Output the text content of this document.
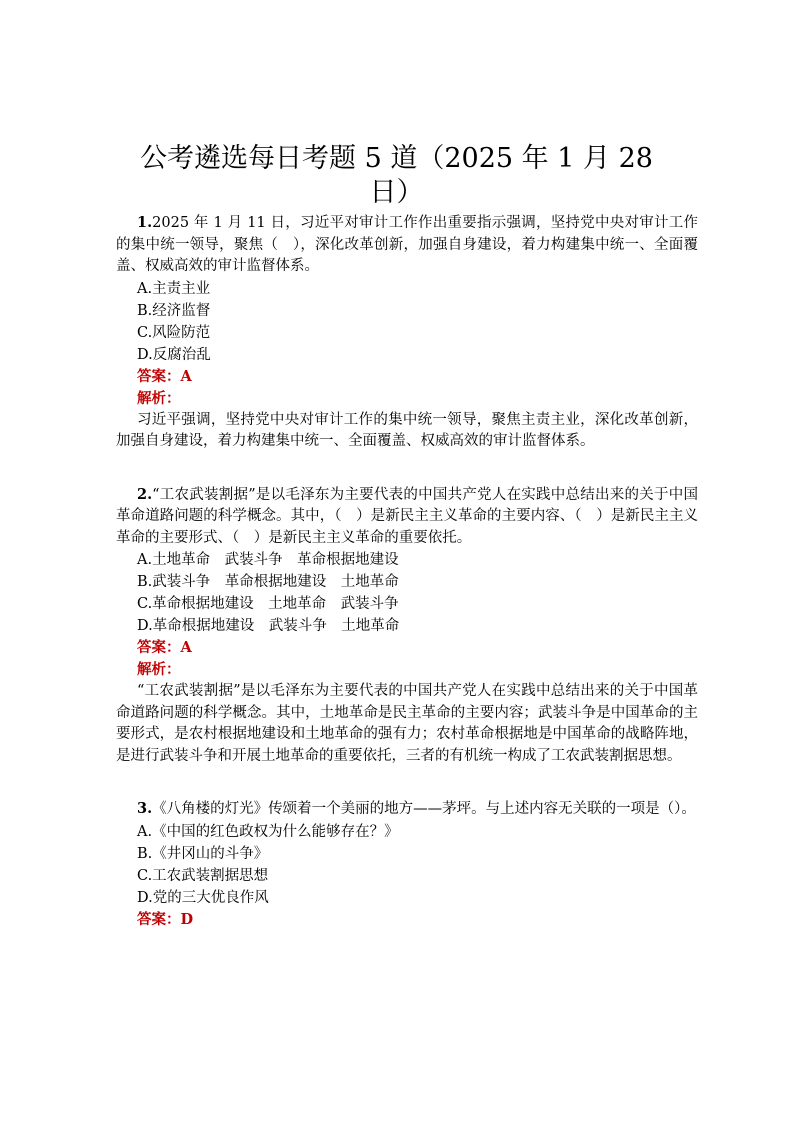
公考遴选每日考题 5 道（2025 年 1 月 28 日）

1.2025 年 1 月 11 日，习近平对审计工作作出重要指示强调，坚持党中央对审计工作的集中统一领导，聚焦（　），深化改革创新，加强自身建设，着力构建集中统一、全面覆盖、权威高效的审计监督体系。

A.主责主业

B.经济监督

C.风险防范

D.反腐治乱

答案：A

解析：

习近平强调，坚持党中央对审计工作的集中统一领导，聚焦主责主业，深化改革创新，加强自身建设，着力构建集中统一、全面覆盖、权威高效的审计监督体系。

2.“工农武装割据”是以毛泽东为主要代表的中国共产党人在实践中总结出来的关于中国革命道路问题的科学概念。其中，（　）是新民主主义革命的主要内容、（　）是新民主主义革命的主要形式、（　）是新民主主义革命的重要依托。

A.土地革命　武装斗争　革命根据地建设

B.武装斗争　革命根据地建设　土地革命

C.革命根据地建设　土地革命　武装斗争

D.革命根据地建设　武装斗争　土地革命

答案：A

解析：

“工农武装割据”是以毛泽东为主要代表的中国共产党人在实践中总结出来的关于中国革命道路问题的科学概念。其中，土地革命是民主革命的主要内容；武装斗争是中国革命的主要形式，是农村根据地建设和土地革命的强有力；农村革命根据地是中国革命的战略阵地，是进行武装斗争和开展土地革命的重要依托，三者的有机统一构成了工农武装割据思想。

3.《八角楼的灯光》传颂着一个美丽的地方——茅坪。与上述内容无关联的一项是（）。

A.《中国的红色政权为什么能够存在？》

B.《井冈山的斗争》

C.工农武装割据思想

D.党的三大优良作风

答案：D
